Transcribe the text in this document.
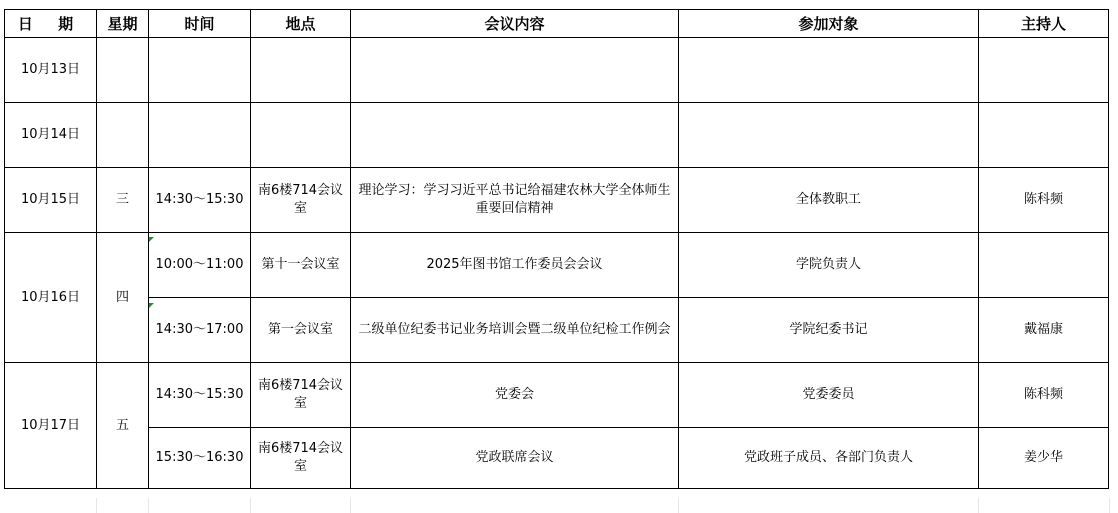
日 期	星期	时间	地点	会议内容	参加对象	主持人
10月13日						
10月14日						
10月15日	三	14:30～15:30	南6楼714会议室	理论学习：学习习近平总书记给福建农林大学全体师生重要回信精神	全体教职工	陈科频
10月16日	四	10:00～11:00	第十一会议室	2025年图书馆工作委员会会议	学院负责人	
		14:30～17:00	第一会议室	二级单位纪委书记业务培训会暨二级单位纪检工作例会	学院纪委书记	戴福康
10月17日	五	14:30～15:30	南6楼714会议室	党委会	党委委员	陈科频
		15:30～16:30	南6楼714会议室	党政联席会议	党政班子成员、各部门负责人	姜少华
